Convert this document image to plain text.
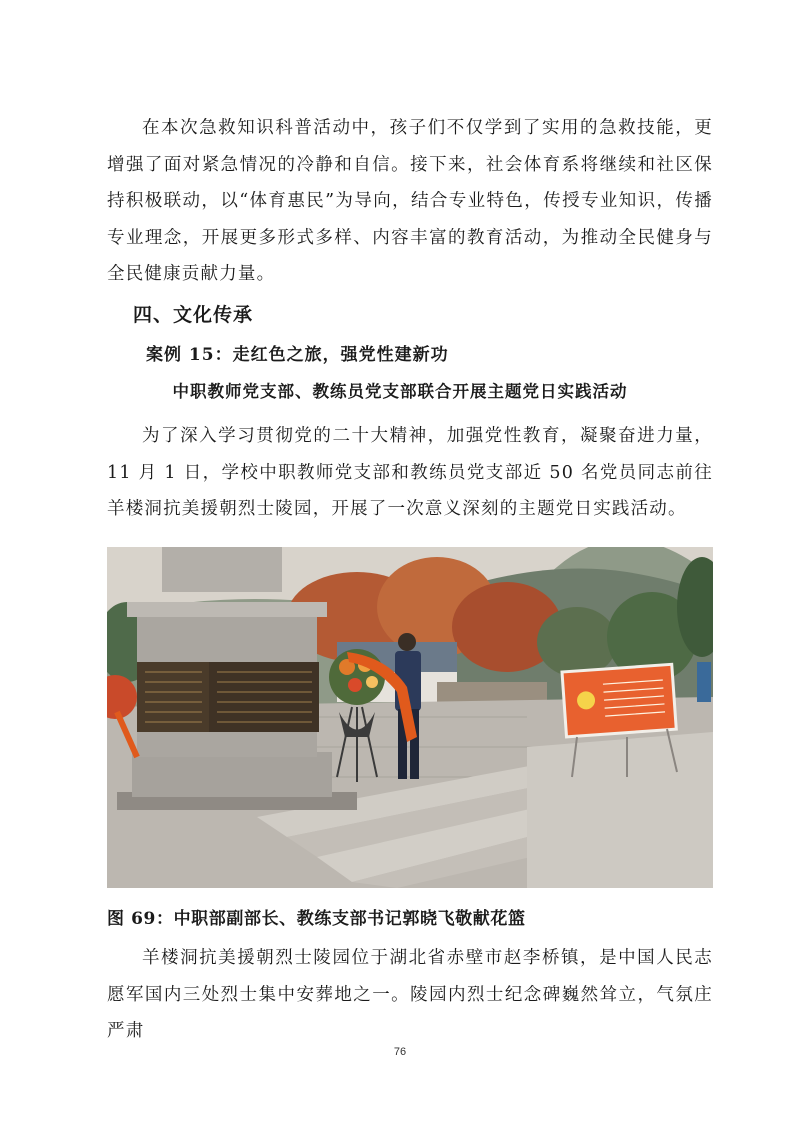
在本次急救知识科普活动中，孩子们不仅学到了实用的急救技能，更增强了面对紧急情况的冷静和自信。接下来，社会体育系将继续和社区保持积极联动，以“体育惠民”为导向，结合专业特色，传授专业知识，传播专业理念，开展更多形式多样、内容丰富的教育活动，为推动全民健身与全民健康贡献力量。

四、文化传承
案例 15：走红色之旅，强党性建新功
中职教师党支部、教练员党支部联合开展主题党日实践活动

为了深入学习贯彻党的二十大精神，加强党性教育，凝聚奋进力量，11 月 1 日，学校中职教师党支部和教练员党支部近 50 名党员同志前往羊楼洞抗美援朝烈士陵园，开展了一次意义深刻的主题党日实践活动。

图 69：中职部副部长、教练支部书记郭晓飞敬献花篮

羊楼洞抗美援朝烈士陵园位于湖北省赤壁市赵李桥镇，是中国人民志愿军国内三处烈士集中安葬地之一。陵园内烈士纪念碑巍然耸立，气氛庄严肃

76
